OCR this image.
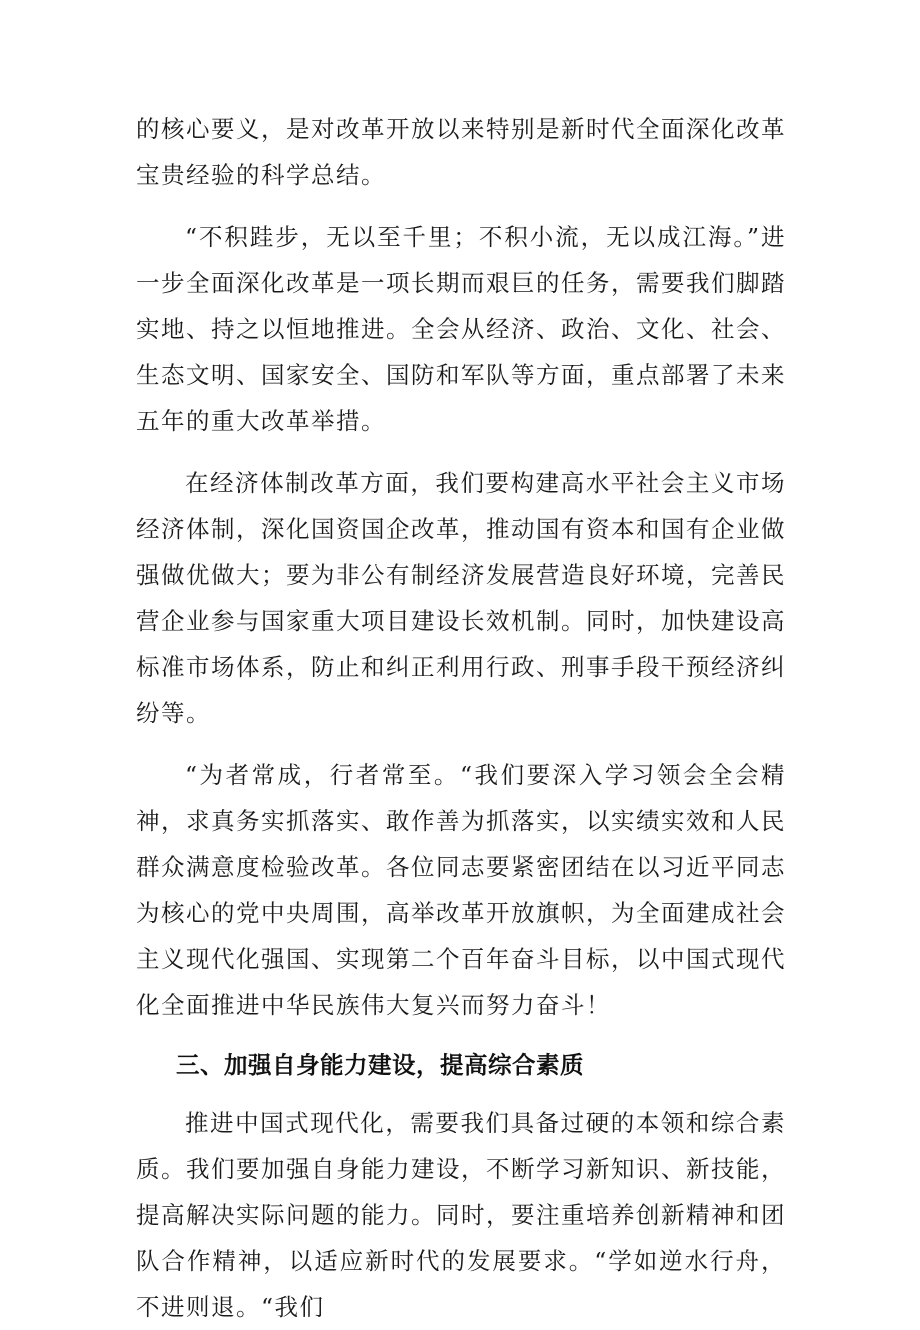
的核心要义，是对改革开放以来特别是新时代全面深化改革宝贵经验的科学总结。

“不积跬步，无以至千里；不积小流，无以成江海。”进一步全面深化改革是一项长期而艰巨的任务，需要我们脚踏实地、持之以恒地推进。全会从经济、政治、文化、社会、生态文明、国家安全、国防和军队等方面，重点部署了未来五年的重大改革举措。

在经济体制改革方面，我们要构建高水平社会主义市场经济体制，深化国资国企改革，推动国有资本和国有企业做强做优做大；要为非公有制经济发展营造良好环境，完善民营企业参与国家重大项目建设长效机制。同时，加快建设高标准市场体系，防止和纠正利用行政、刑事手段干预经济纠纷等。

“为者常成，行者常至。“我们要深入学习领会全会精神，求真务实抓落实、敢作善为抓落实，以实绩实效和人民群众满意度检验改革。各位同志要紧密团结在以习近平同志为核心的党中央周围，高举改革开放旗帜，为全面建成社会主义现代化强国、实现第二个百年奋斗目标，以中国式现代化全面推进中华民族伟大复兴而努力奋斗！

三、加强自身能力建设，提高综合素质

推进中国式现代化，需要我们具备过硬的本领和综合素质。我们要加强自身能力建设，不断学习新知识、新技能，提高解决实际问题的能力。同时，要注重培养创新精神和团队合作精神，以适应新时代的发展要求。“学如逆水行舟，不进则退。“我们
